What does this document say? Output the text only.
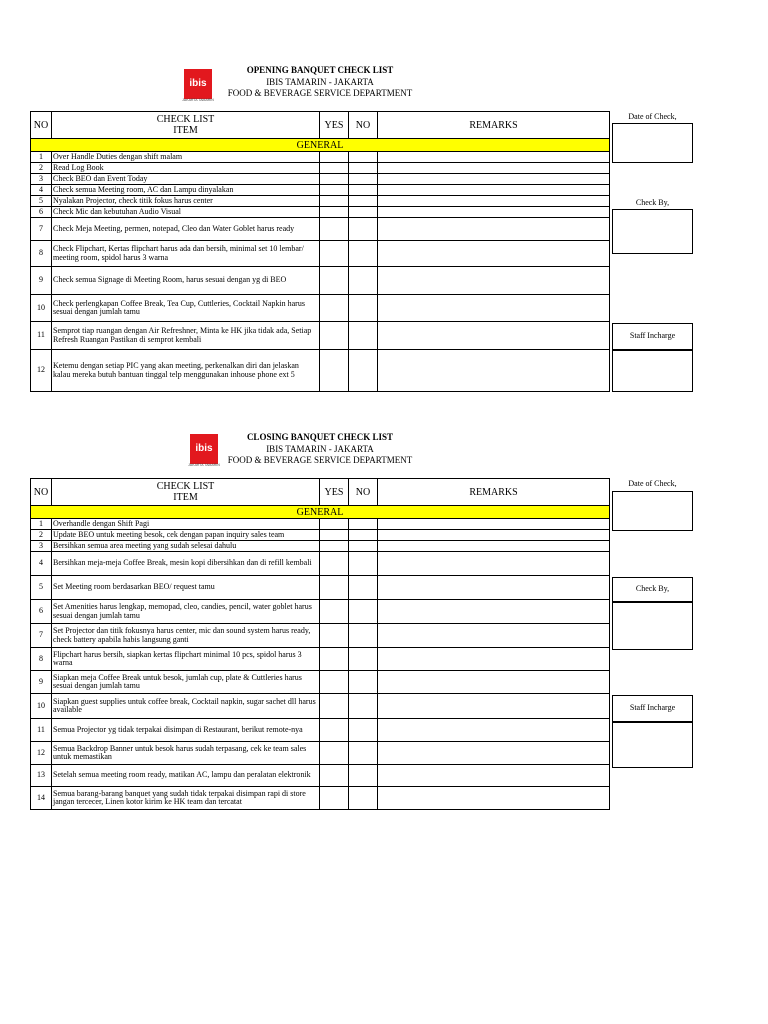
ibis
JAKARTA TAMARIN
OPENING BANQUET CHECK LIST
IBIS TAMARIN - JAKARTA
FOOD & BEVERAGE SERVICE DEPARTMENT
NO	CHECK LIST
ITEM	YES	NO	REMARKS
GENERAL				
1	Over Handle Duties dengan shift malam			
2	Read Log Book			
3	Check BEO dan Event Today			
4	Check semua Meeting room, AC dan Lampu dinyalakan			
5	Nyalakan Projector, check titik fokus harus center			
6	Check Mic dan kebutuhan Audio Visual			
7	Check Meja Meeting, permen, notepad, Cleo dan Water Goblet harus ready			
8	Check Flipchart, Kertas flipchart harus ada dan bersih, minimal set 10 lembar/ meeting room, spidol harus 3 warna			
9	Check semua Signage di Meeting Room, harus sesuai dengan yg di BEO			
10	Check perlengkapan Coffee Break, Tea Cup, Cuttleries, Cocktail Napkin harus sesuai dengan jumlah tamu			
11	Semprot tiap ruangan dengan Air Refreshner, Minta ke HK jika tidak ada, Setiap Refresh Ruangan Pastikan di semprot kembali			
12	Ketemu dengan setiap PIC yang akan meeting, perkenalkan diri dan jelaskan kalau mereka butuh bantuan tinggal telp menggunakan inhouse phone ext 5			
Date of Check,
Check By,
Staff Incharge
ibis
JAKARTA TAMARIN
CLOSING BANQUET CHECK LIST
IBIS TAMARIN - JAKARTA
FOOD & BEVERAGE SERVICE DEPARTMENT
NO	CHECK LIST
ITEM	YES	NO	REMARKS
GENERAL				
1	Overhandle dengan Shift Pagi			
2	Update BEO untuk meeting besok, cek dengan papan inquiry sales team			
3	Bersihkan semua area meeting yang sudah selesai dahulu			
4	Bersihkan meja-meja Coffee Break, mesin kopi dibersihkan dan di refill kembali			
5	Set Meeting room berdasarkan BEO/ request tamu			
6	Set Amenities harus lengkap, memopad, cleo, candies, pencil, water goblet harus sesuai dengan jumlah tamu			
7	Set Projector dan titik fokusnya harus center, mic dan sound system harus ready, check battery apabila habis langsung ganti			
8	Flipchart harus bersih, siapkan kertas flipchart minimal 10 pcs, spidol harus 3 warna			
9	Siapkan meja Coffee Break untuk besok, jumlah cup, plate & Cuttleries harus sesuai dengan jumlah tamu			
10	Siapkan guest supplies untuk coffee break, Cocktail napkin, sugar sachet dll harus available			
11	Semua Projector yg tidak terpakai disimpan di Restaurant, berikut remote-nya			
12	Semua Backdrop Banner untuk besok harus sudah terpasang, cek ke team sales untuk memastikan			
13	Setelah semua meeting room ready, matikan AC, lampu dan peralatan elektronik			
14	Semua barang-barang banquet yang sudah tidak terpakai disimpan rapi di store jangan tercecer, Linen kotor kirim ke HK team dan tercatat			
Date of Check,
Check By,
Staff Incharge
